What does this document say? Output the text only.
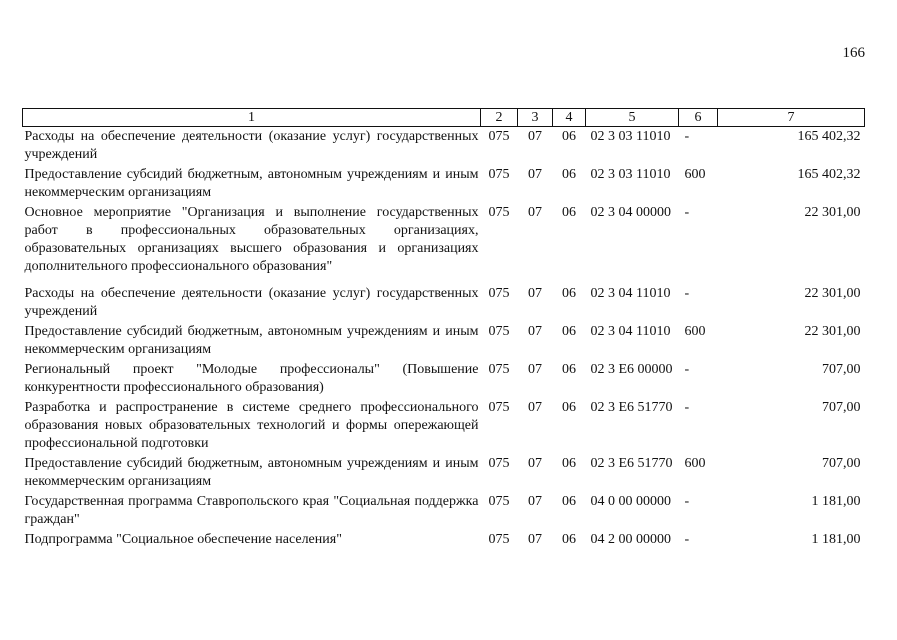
166
1	2	3	4	5	6	7
Расходы на обеспечение деятельности (оказание услуг) государственных учреждений	075	07	06	02 3 03 11010	-	165 402,32
Предоставление субсидий бюджетным, автономным учреждениям и иным некоммерческим организациям	075	07	06	02 3 03 11010	600	165 402,32
Основное мероприятие "Организация и выполнение государственных работ в профессиональных образовательных организациях, образовательных организациях высшего образования и организациях дополнительного профессионального образования"	075	07	06	02 3 04 00000	-	22 301,00
Расходы на обеспечение деятельности (оказание услуг) государственных учреждений	075	07	06	02 3 04 11010	-	22 301,00
Предоставление субсидий бюджетным, автономным учреждениям и иным некоммерческим организациям	075	07	06	02 3 04 11010	600	22 301,00
Региональный проект "Молодые профессионалы" (Повышение конкурентности профессионального образования)	075	07	06	02 3 E6 00000	-	707,00
Разработка и распространение в системе среднего профессионального образования новых образовательных технологий и формы опережающей профессиональной подготовки	075	07	06	02 3 E6 51770	-	707,00
Предоставление субсидий бюджетным, автономным учреждениям и иным некоммерческим организациям	075	07	06	02 3 E6 51770	600	707,00
Государственная программа Ставропольского края "Социальная поддержка граждан"	075	07	06	04 0 00 00000	-	1 181,00
Подпрограмма "Социальное обеспечение населения"	075	07	06	04 2 00 00000	-	1 181,00
